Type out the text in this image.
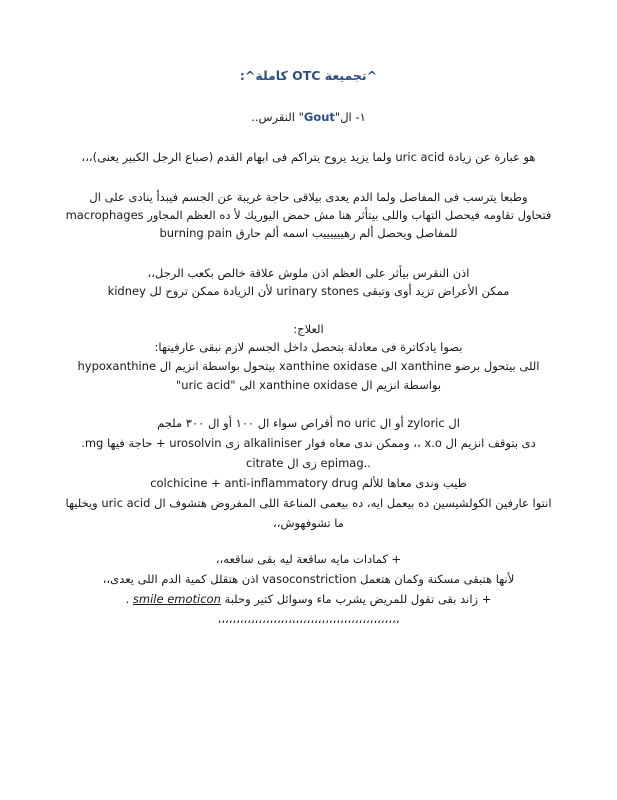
^تجميعة OTC كاملة^:
١- ال"Gout" النقرس..
هو عبارة عن زيادة uric acid ولما يزيد يروح يتراكم فى ابهام القدم (صباع الرجل الكبير يعنى)،،،
وطبعا يترسب فى المفاصل ولما الدم يعدى بيلاقى حاجة غريبة عن الجسم فيبدأ ينادى على ال
macrophages فتحاول تقاومه فيحصل التهاب واللى بيتأثر هنا مش حمض اليوريك لأ ده العظم المجاور
للمفاصل ويحصل ألم رهييييييب اسمه ألم حارق burning pain
اذن النقرس بيأثر على العظم اذن ملوش علاقة خالص بكعب الرجل،،
ممكن الأعراض تزيد أوى وتبقى urinary stones لأن الزيادة ممكن تروح لل kidney
العلاج:
بصوا يادكاترة فى معادلة بتحصل داخل الجسم لازم نبقى عارفينها:
hypoxanthine بيتحول بواسطة انزيم ال xanthine oxidase الى xanthine اللى بيتحول برضو
بواسطة انزيم ال xanthine oxidase الى "uric acid"
ال zyloric أو ال no uric أقراص سواء ال ١٠٠ أو ال ٣٠٠ ملجم
دى بتوقف انزيم ال x.o ،، وممكن ندى معاه فوار alkaliniser زى urosolvin + حاجة فيها mg.
citrate زى ال epimag..
colchicine + anti-inflammatory drug طيب وندى معاها للألم
انتوا عارفين الكولشيسين ده بيعمل ايه، ده بيعمى المناعة اللى المفروض هتشوف ال uric acid ويخليها
ما تشوفهوش،،
+ كمادات مايه ساقعة ليه بقى ساقعه،،
لأنها هتبقى مسكنة وكمان هتعمل vasoconstriction اذن هتقلل كمية الدم اللى يعدى،،
+ زاند بقى تقول للمريض يشرب ماء وسوائل كتير وحلبة smile emoticon .
،،،،،،،،،،،،،،،،،،،،،،،،،،،،،،،،،،،،،،،،،،،،،،،،،
